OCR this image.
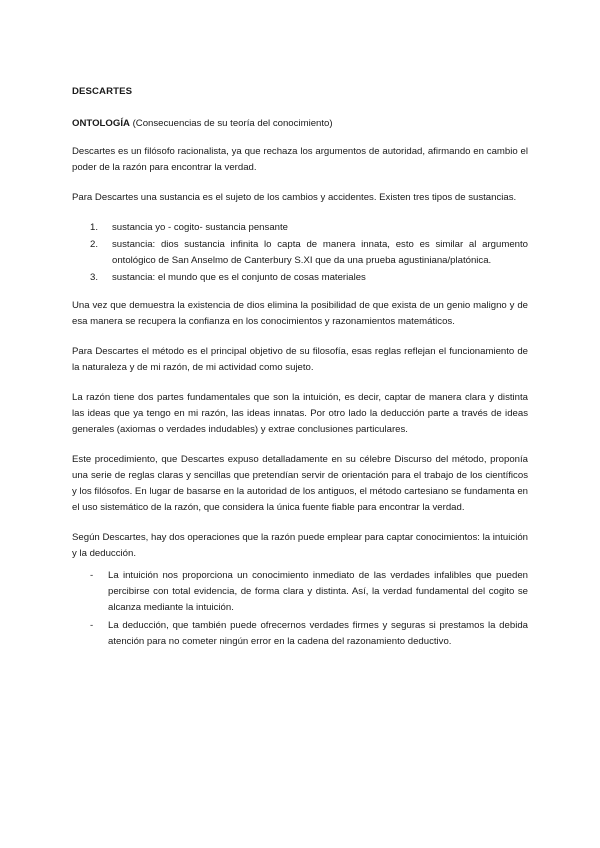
DESCARTES
ONTOLOGÍA (Consecuencias de su teoría del conocimiento)

Descartes es un filósofo racionalista, ya que rechaza los argumentos de autoridad, afirmando en cambio el poder de la razón para encontrar la verdad.

Para Descartes una sustancia es el sujeto de los cambios y accidentes. Existen tres tipos de sustancias.

1. sustancia yo - cogito- sustancia pensante
2. sustancia: dios sustancia infinita lo capta de manera innata, esto es similar al argumento ontológico de San Anselmo de Canterbury S.XI que da una prueba agustiniana/platónica.
3. sustancia: el mundo que es el conjunto de cosas materiales

Una vez que demuestra la existencia de dios elimina la posibilidad de que exista de un genio maligno y de esa manera se recupera la confianza en los conocimientos y razonamientos matemáticos.

Para Descartes el método es el principal objetivo de su filosofía, esas reglas reflejan el funcionamiento de la naturaleza y de mi razón, de mi actividad como sujeto.

La razón tiene dos partes fundamentales que son la intuición, es decir, captar de manera clara y distinta las ideas que ya tengo en mi razón, las ideas innatas. Por otro lado la deducción parte a través de ideas generales (axiomas o verdades indudables) y extrae conclusiones particulares.

Este procedimiento, que Descartes expuso detalladamente en su célebre Discurso del método, proponía una serie de reglas claras y sencillas que pretendían servir de orientación para el trabajo de los científicos y los filósofos. En lugar de basarse en la autoridad de los antiguos, el método cartesiano se fundamenta en el uso sistemático de la razón, que considera la única fuente fiable para encontrar la verdad.

Según Descartes, hay dos operaciones que la razón puede emplear para captar conocimientos: la intuición y la deducción.

- La intuición nos proporciona un conocimiento inmediato de las verdades infalibles que pueden percibirse con total evidencia, de forma clara y distinta. Así, la verdad fundamental del cogito se alcanza mediante la intuición.
- La deducción, que también puede ofrecernos verdades firmes y seguras si prestamos la debida atención para no cometer ningún error en la cadena del razonamiento deductivo.
